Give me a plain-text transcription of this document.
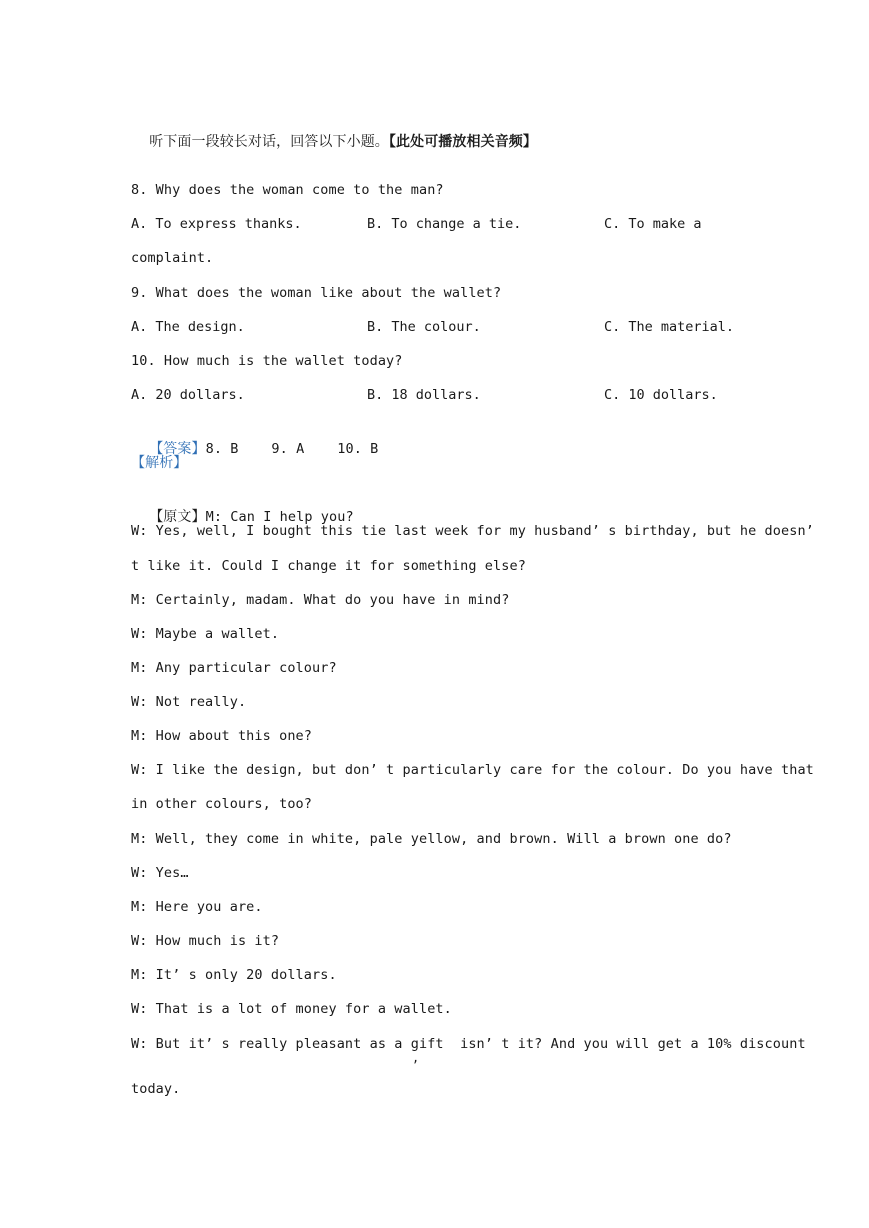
听下面一段较长对话，回答以下小题。【此处可播放相关音频】

8. Why does the woman come to the man?
A. To express thanks.	B. To change a tie.	C. To make a
complaint.
9. What does the woman like about the wallet?
A. The design.	B. The colour.	C. The material.
10. How much is the wallet today?
A. 20 dollars.	B. 18 dollars.	C. 10 dollars.

【答案】8. B    9. A    10. B

【解析】

【原文】M: Can I help you?

W: Yes, well, I bought this tie last week for my husband’ s birthday, but he doesn’
t like it. Could I change it for something else?
M: Certainly, madam. What do you have in mind?
W: Maybe a wallet.
M: Any particular colour?
W: Not really.
M: How about this one?
W: I like the design, but don’ t particularly care for the colour. Do you have that
in other colours, too?
M: Well, they come in white, pale yellow, and brown. Will a brown one do?
W: Yes…
M: Here you are.
W: How much is it?
M: It’ s only 20 dollars.
W: That is a lot of money for a wallet.
W: But it’ s really pleasant as a gift  isn’ t it? And you will get a 10% discount
,
today.
